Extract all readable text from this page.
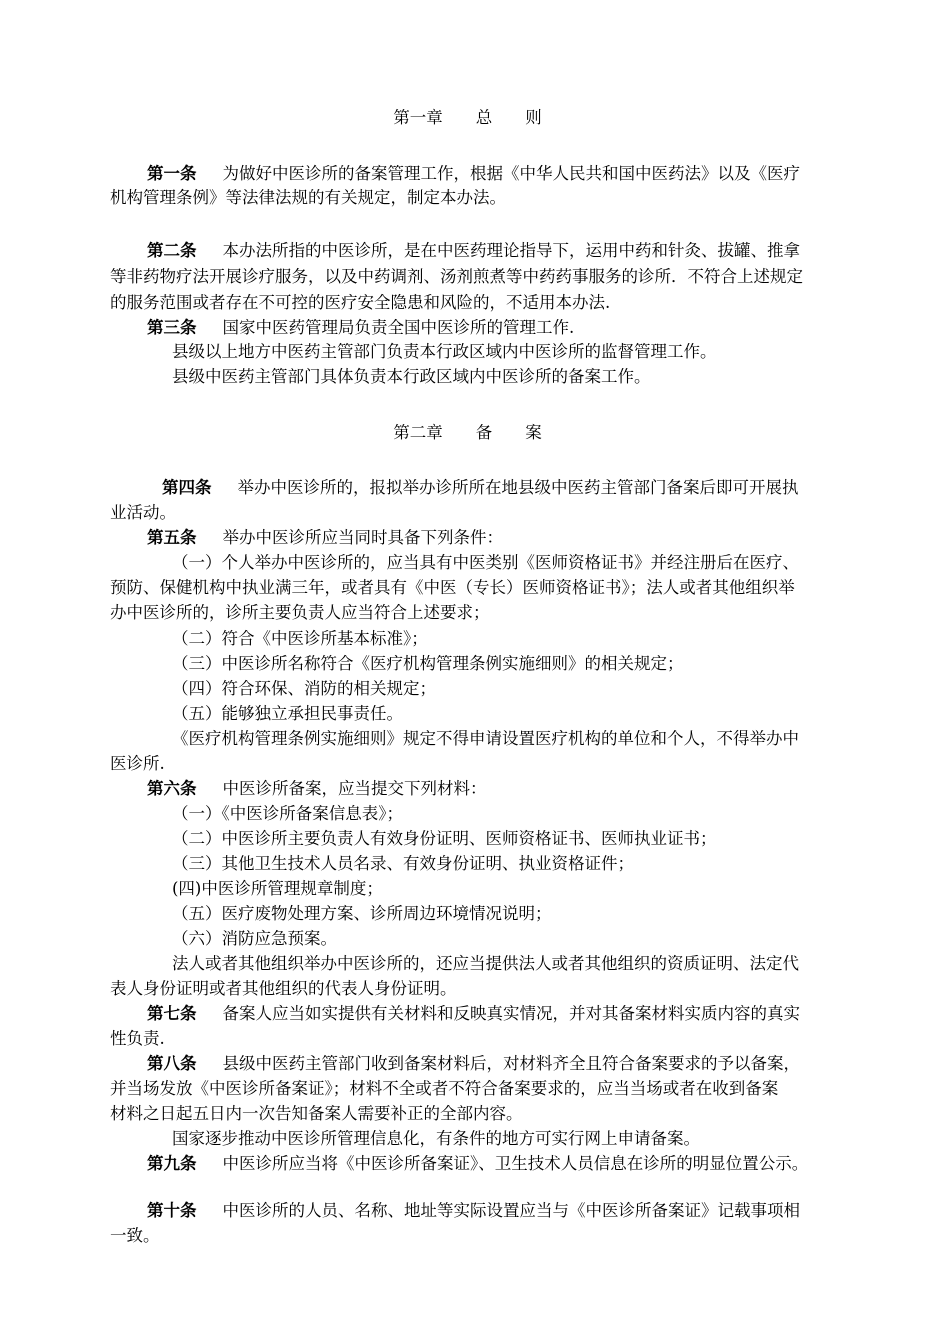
第一章　　总　　则
第一条 为做好中医诊所的备案管理工作，根据《中华人民共和国中医药法》以及《医疗
机构管理条例》等法律法规的有关规定，制定本办法。
第二条 本办法所指的中医诊所，是在中医药理论指导下，运用中药和针灸、拔罐、推拿
等非药物疗法开展诊疗服务，以及中药调剂、汤剂煎煮等中药药事服务的诊所．不符合上述规定
的服务范围或者存在不可控的医疗安全隐患和风险的，不适用本办法.
第三条 国家中医药管理局负责全国中医诊所的管理工作.
县级以上地方中医药主管部门负责本行政区域内中医诊所的监督管理工作。
县级中医药主管部门具体负责本行政区域内中医诊所的备案工作。
第二章　　备　　案
第四条 举办中医诊所的，报拟举办诊所所在地县级中医药主管部门备案后即可开展执
业活动。
第五条 举办中医诊所应当同时具备下列条件：
（一）个人举办中医诊所的，应当具有中医类别《医师资格证书》并经注册后在医疗、
预防、保健机构中执业满三年，或者具有《中医（专长）医师资格证书》；法人或者其他组织举
办中医诊所的，诊所主要负责人应当符合上述要求；
（二）符合《中医诊所基本标准》；
（三）中医诊所名称符合《医疗机构管理条例实施细则》的相关规定；
（四）符合环保、消防的相关规定；
（五）能够独立承担民事责任。
《医疗机构管理条例实施细则》规定不得申请设置医疗机构的单位和个人，不得举办中
医诊所.
第六条 中医诊所备案，应当提交下列材料：
（一）《中医诊所备案信息表》；
（二）中医诊所主要负责人有效身份证明、医师资格证书、医师执业证书；
（三）其他卫生技术人员名录、有效身份证明、执业资格证件；
(四)中医诊所管理规章制度；
（五）医疗废物处理方案、诊所周边环境情况说明；
（六）消防应急预案。
法人或者其他组织举办中医诊所的，还应当提供法人或者其他组织的资质证明、法定代
表人身份证明或者其他组织的代表人身份证明。
第七条 备案人应当如实提供有关材料和反映真实情况，并对其备案材料实质内容的真实
性负责.
第八条 县级中医药主管部门收到备案材料后，对材料齐全且符合备案要求的予以备案，
并当场发放《中医诊所备案证》；材料不全或者不符合备案要求的，应当当场或者在收到备案
材料之日起五日内一次告知备案人需要补正的全部内容。
国家逐步推动中医诊所管理信息化，有条件的地方可实行网上申请备案。
第九条 中医诊所应当将《中医诊所备案证》、卫生技术人员信息在诊所的明显位置公示。
第十条 中医诊所的人员、名称、地址等实际设置应当与《中医诊所备案证》记载事项相
一致。
